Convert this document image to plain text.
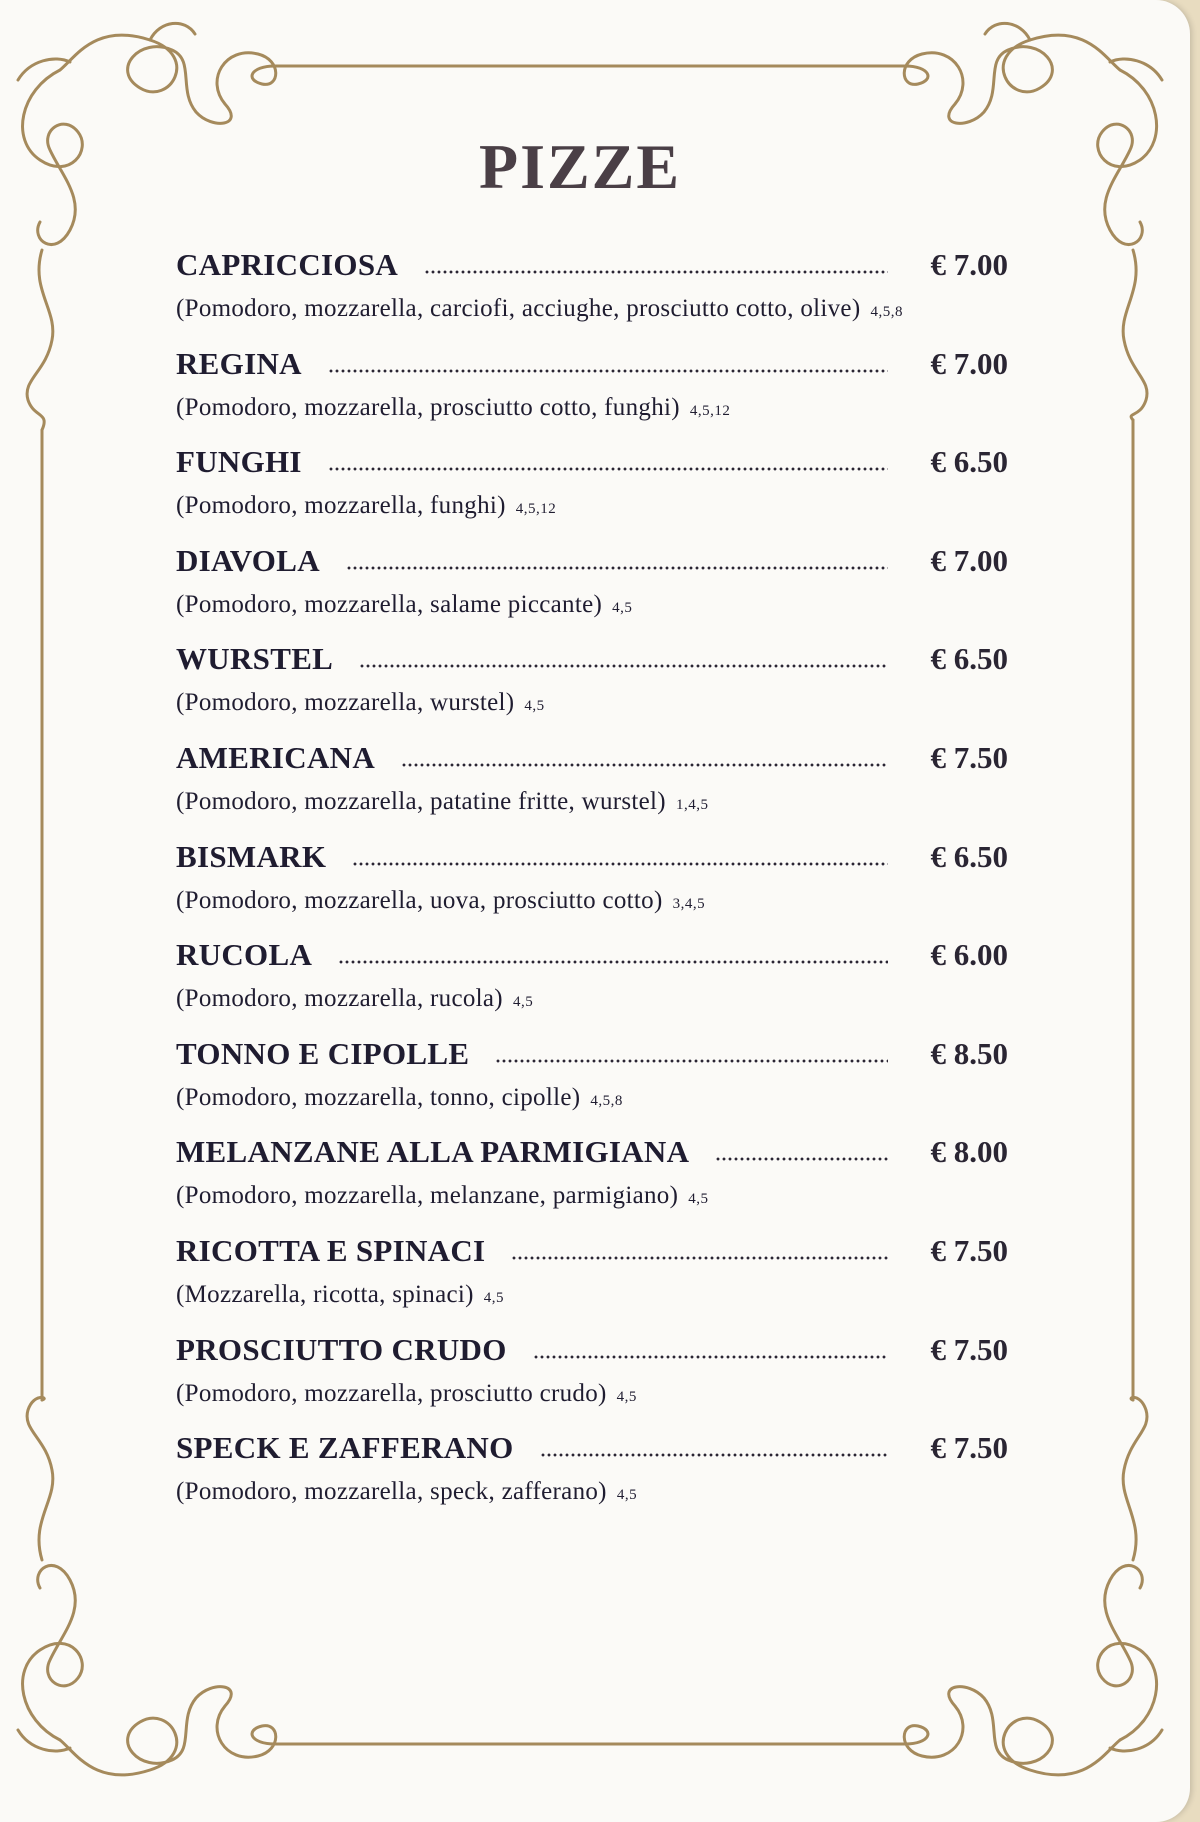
PIZZE
CAPRICCIOSA	€ 7.00
(Pomodoro, mozzarella, carciofi, acciughe, prosciutto cotto, olive) 4,5,8
REGINA	€ 7.00
(Pomodoro, mozzarella, prosciutto cotto, funghi) 4,5,12
FUNGHI	€ 6.50
(Pomodoro, mozzarella, funghi) 4,5,12
DIAVOLA	€ 7.00
(Pomodoro, mozzarella, salame piccante) 4,5
WURSTEL	€ 6.50
(Pomodoro, mozzarella, wurstel) 4,5
AMERICANA	€ 7.50
(Pomodoro, mozzarella, patatine fritte, wurstel) 1,4,5
BISMARK	€ 6.50
(Pomodoro, mozzarella, uova, prosciutto cotto) 3,4,5
RUCOLA	€ 6.00
(Pomodoro, mozzarella, rucola) 4,5
TONNO E CIPOLLE	€ 8.50
(Pomodoro, mozzarella, tonno, cipolle) 4,5,8
MELANZANE ALLA PARMIGIANA	€ 8.00
(Pomodoro, mozzarella, melanzane, parmigiano) 4,5
RICOTTA E SPINACI	€ 7.50
(Mozzarella, ricotta, spinaci) 4,5
PROSCIUTTO CRUDO	€ 7.50
(Pomodoro, mozzarella, prosciutto crudo) 4,5
SPECK E ZAFFERANO	€ 7.50
(Pomodoro, mozzarella, speck, zafferano) 4,5
